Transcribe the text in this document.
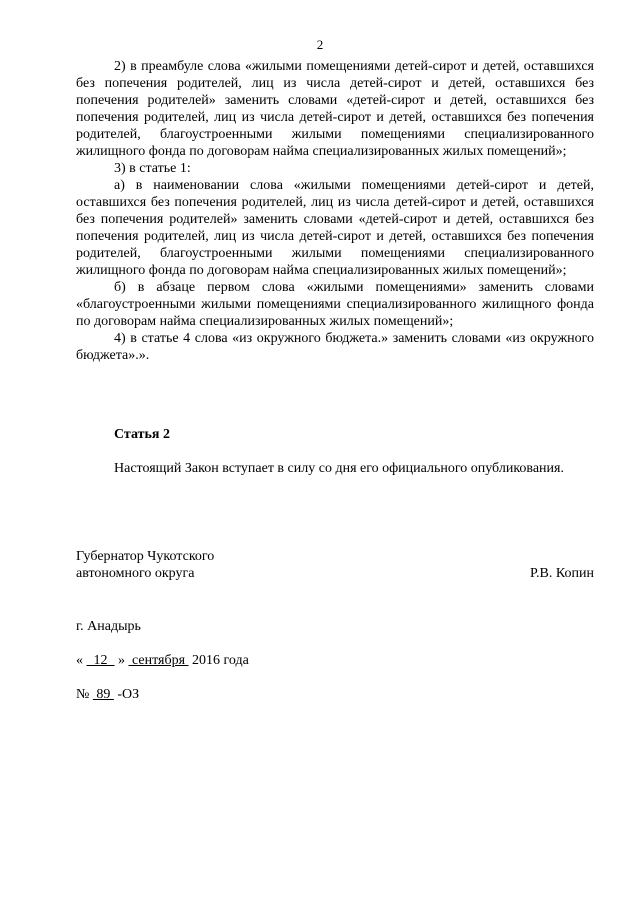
2

2) в преамбуле слова «жилыми помещениями детей-сирот и детей, оставшихся без попечения родителей, лиц из числа детей-сирот и детей, оставшихся без попечения родителей» заменить словами «детей-сирот и детей, оставшихся без попечения родителей, лиц из числа детей-сирот и детей, оставшихся без попечения родителей, благоустроенными жилыми помещениями специализированного жилищного фонда по договорам найма специализированных жилых помещений»;

3) в статье 1:

а) в наименовании слова «жилыми помещениями детей-сирот и детей, оставшихся без попечения родителей, лиц из числа детей-сирот и детей, оставшихся без попечения родителей» заменить словами «детей-сирот и детей, оставшихся без попечения родителей, лиц из числа детей-сирот и детей, оставшихся без попечения родителей, благоустроенными жилыми помещениями специализированного жилищного фонда по договорам найма специализированных жилых помещений»;

б) в абзаце первом слова «жилыми помещениями» заменить словами «благоустроенными жилыми помещениями специализированного жилищного фонда по договорам найма специализированных жилых помещений»;

4) в статье 4 слова «из окружного бюджета.» заменить словами «из окружного бюджета».».

Статья 2

Настоящий Закон вступает в силу со дня его официального опубликования.

Губернатор Чукотского
автономного округа	Р.В. Копин
г. Анадырь
«   12   »  сентября  2016 года
№  89  -ОЗ
